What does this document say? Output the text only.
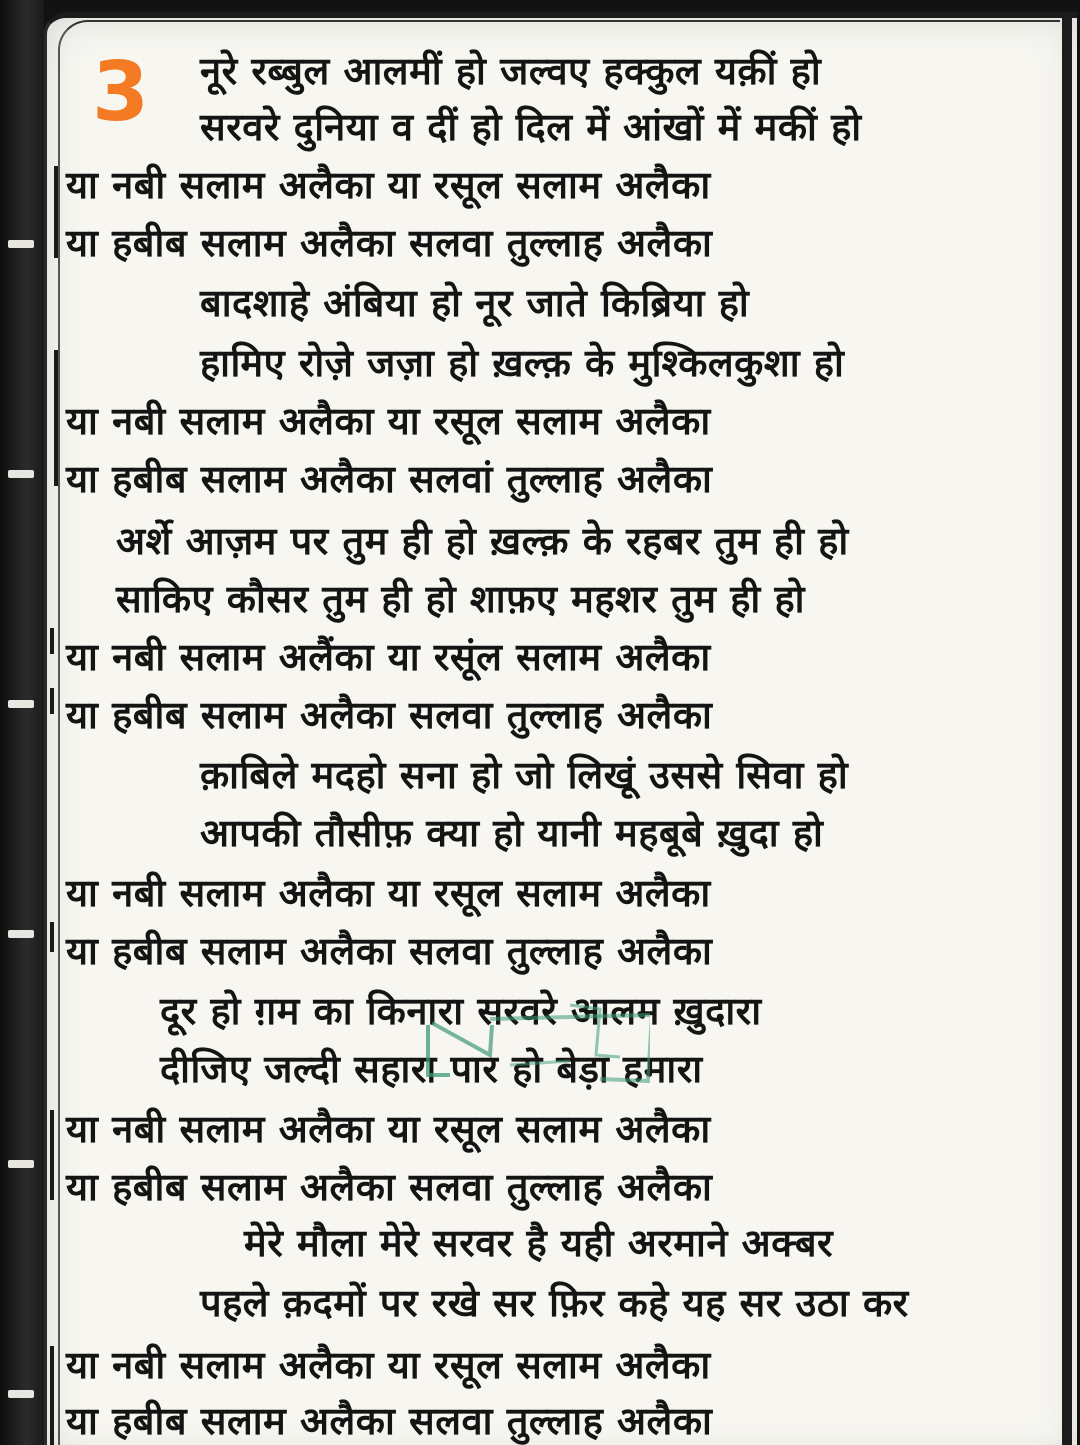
3 नूरे रब्बुल आलमीं हो जल्वए हक्कुल यक़ीं हो
सरवरे दुनिया व दीं हो दिल में आंखों में मकीं हो
या नबी सलाम अलैका या रसूल सलाम अलैका
या हबीब सलाम अलैका सलवा तुल्लाह अलैका
बादशाहे अंबिया हो नूर जाते किब्रिया हो
हामिए रोज़े जज़ा हो ख़ल्क़ के मुश्किलकुशा हो
या नबी सलाम अलैका या रसूल सलाम अलैका
या हबीब सलाम अलैका सलवां तुल्लाह अलैका
अर्शे आज़म पर तुम ही हो ख़ल्क़ के रहबर तुम ही हो
साकिए कौसर तुम ही हो शाफ़ए महशर तुम ही हो
या नबी सलाम अलैंका या रसूंल सलाम अलैका
या हबीब सलाम अलैका सलवा तुल्लाह अलैका
क़ाबिले मदहो सना हो जो लिखूं उससे सिवा हो
आपकी तौसीफ़ क्या हो यानी महबूबे ख़ुदा हो
या नबी सलाम अलैका या रसूल सलाम अलैका
या हबीब सलाम अलैका सलवा तुल्लाह अलैका
दूर हो ग़म का किनारा सरवरे आलम ख़ुदारा
दीजिए जल्दी सहारा पार हो बेड़ा हमारा
या नबी सलाम अलैका या रसूल सलाम अलैका
या हबीब सलाम अलैका सलवा तुल्लाह अलैका
मेरे मौला मेरे सरवर है यही अरमाने अक्बर
पहले क़दमों पर रखे सर फ़िर कहे यह सर उठा कर
या नबी सलाम अलैका या रसूल सलाम अलैका
या हबीब सलाम अलैका सलवा तुल्लाह अलैका
